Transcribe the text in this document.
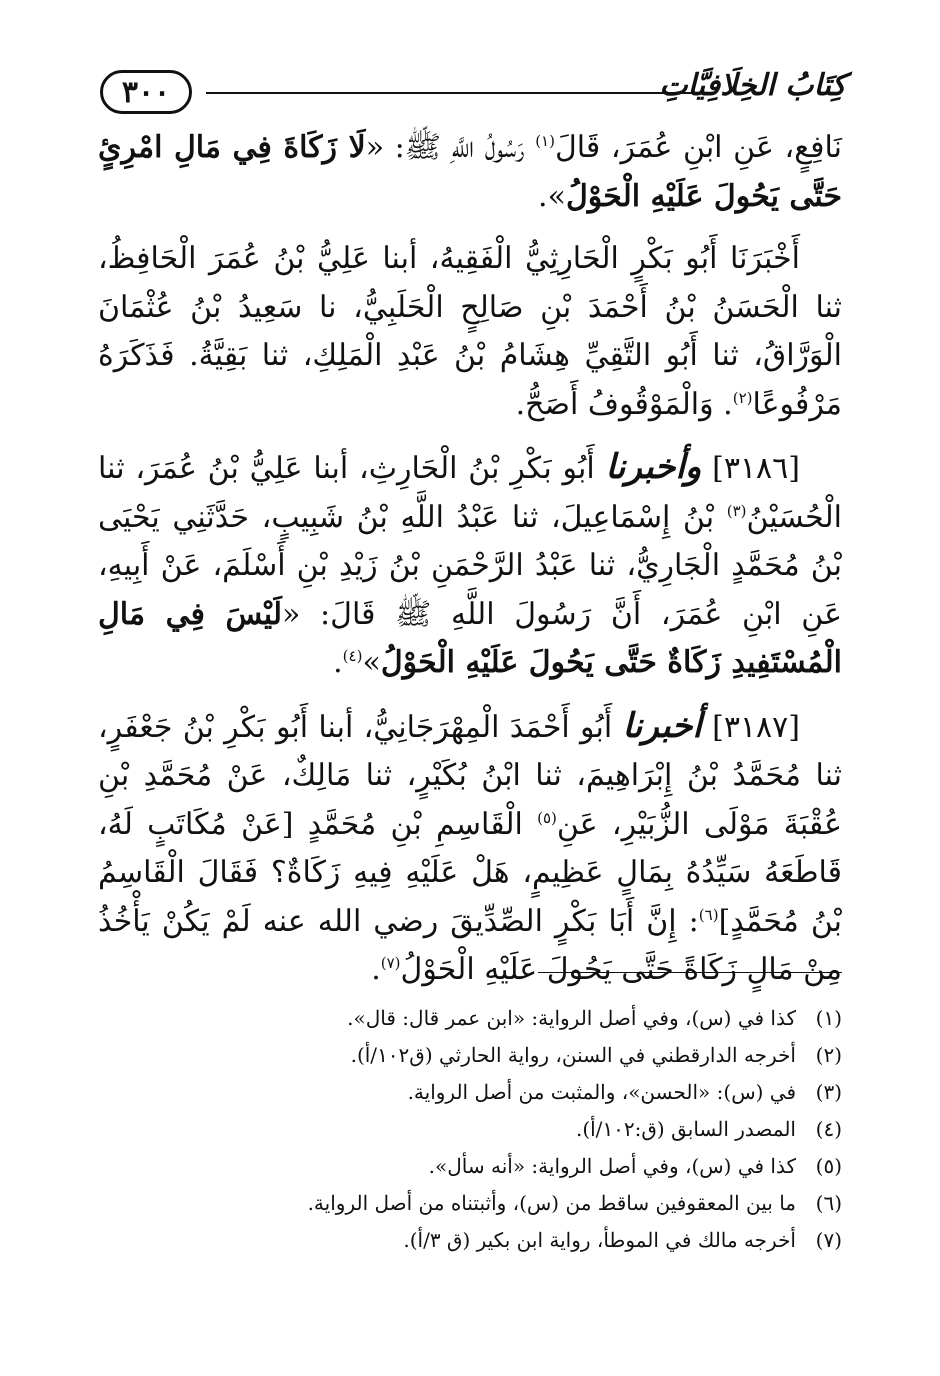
٣٠٠	كِتَابُ الخِلَافِيَّاتِ

نَافِعٍ، عَنِ ابْنِ عُمَرَ، قَالَ$^{(١)}$ رَسُولُ اللَّهِ ﷺ: «لَا زَكَاةَ فِي مَالِ امْرِئٍ حَتَّى يَحُولَ عَلَيْهِ الْحَوْلُ».

أَخْبَرَنَا أَبُو بَكْرٍ الْحَارِثِيُّ الْفَقِيهُ، أبنا عَلِيُّ بْنُ عُمَرَ الْحَافِظُ، ثنا الْحَسَنُ بْنُ أَحْمَدَ بْنِ صَالِحٍ الْحَلَبِيُّ، نا سَعِيدُ بْنُ عُثْمَانَ الْوَرَّاقُ، ثنا أَبُو التَّقِيِّ هِشَامُ بْنُ عَبْدِ الْمَلِكِ، ثنا بَقِيَّةُ. فَذَكَرَهُ مَرْفُوعًا$^{(٢)}$. وَالْمَوْقُوفُ أَصَحُّ.

[٣١٨٦] وأخبرنا أَبُو بَكْرِ بْنُ الْحَارِثِ، أبنا عَلِيُّ بْنُ عُمَرَ، ثنا الْحُسَيْنُ$^{(٣)}$ بْنُ إِسْمَاعِيلَ، ثنا عَبْدُ اللَّهِ بْنُ شَبِيبٍ، حَدَّثَنِي يَحْيَى بْنُ مُحَمَّدٍ الْجَارِيُّ، ثنا عَبْدُ الرَّحْمَنِ بْنُ زَيْدِ بْنِ أَسْلَمَ، عَنْ أَبِيهِ، عَنِ ابْنِ عُمَرَ، أَنَّ رَسُولَ اللَّهِ ﷺ قَالَ: «لَيْسَ فِي مَالِ الْمُسْتَفِيدِ زَكَاةٌ حَتَّى يَحُولَ عَلَيْهِ الْحَوْلُ»$^{(٤)}$.

[٣١٨٧] أخبرنا أَبُو أَحْمَدَ الْمِهْرَجَانِيُّ، أبنا أَبُو بَكْرِ بْنُ جَعْفَرٍ، ثنا مُحَمَّدُ بْنُ إِبْرَاهِيمَ، ثنا ابْنُ بُكَيْرٍ، ثنا مَالِكٌ، عَنْ مُحَمَّدِ بْنِ عُقْبَةَ مَوْلَى الزُّبَيْرِ، عَنِ$^{(٥)}$ الْقَاسِمِ بْنِ مُحَمَّدٍ [عَنْ مُكَاتَبٍ لَهُ، قَاطَعَهُ سَيِّدُهُ بِمَالٍ عَظِيمٍ، هَلْ عَلَيْهِ فِيهِ زَكَاةٌ؟ فَقَالَ الْقَاسِمُ بْنُ مُحَمَّدٍ]$^{(٦)}$: إِنَّ أَبَا بَكْرٍ الصِّدِّيقَ رضي الله عنه لَمْ يَكُنْ يَأْخُذُ مِنْ مَالٍ زَكَاةً حَتَّى يَحُولَ عَلَيْهِ الْحَوْلُ$^{(٧)}$.

(١)
كذا في (س)، وفي أصل الرواية: «ابن عمر قال: قال».
(٢)
أخرجه الدارقطني في السنن، رواية الحارثي (ق١٠٢/أ).
(٣)
في (س): «الحسن»، والمثبت من أصل الرواية.
(٤)
المصدر السابق (ق:١٠٢/أ).
(٥)
كذا في (س)، وفي أصل الرواية: «أنه سأل».
(٦)
ما بين المعقوفين ساقط من (س)، وأثبتناه من أصل الرواية.
(٧)
أخرجه مالك في الموطأ، رواية ابن بكير (ق ٣/أ).
